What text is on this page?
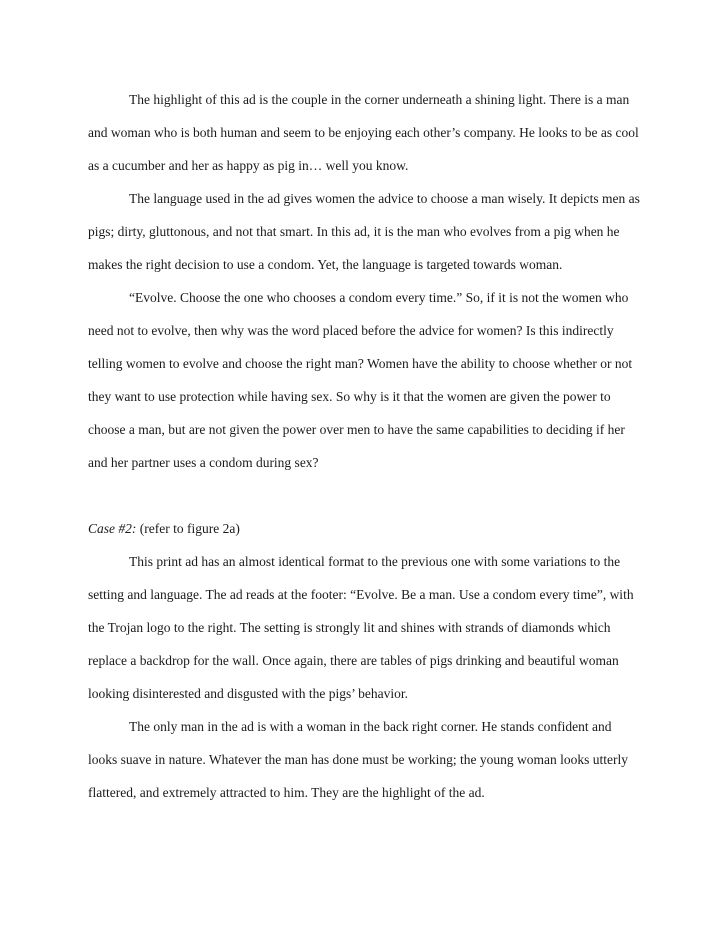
The highlight of this ad is the couple in the corner underneath a shining light. There is a man and woman who is both human and seem to be enjoying each other’s company. He looks to be as cool as a cucumber and her as happy as pig in… well you know.

The language used in the ad gives women the advice to choose a man wisely. It depicts men as pigs; dirty, gluttonous, and not that smart. In this ad, it is the man who evolves from a pig when he makes the right decision to use a condom. Yet, the language is targeted towards woman.

“Evolve. Choose the one who chooses a condom every time.” So, if it is not the women who need not to evolve, then why was the word placed before the advice for women? Is this indirectly telling women to evolve and choose the right man? Women have the ability to choose whether or not they want to use protection while having sex. So why is it that the women are given the power to choose a man, but are not given the power over men to have the same capabilities to deciding if her and her partner uses a condom during sex?

Case #2: (refer to figure 2a)

This print ad has an almost identical format to the previous one with some variations to the setting and language. The ad reads at the footer: “Evolve. Be a man. Use a condom every time”, with the Trojan logo to the right. The setting is strongly lit and shines with strands of diamonds which replace a backdrop for the wall. Once again, there are tables of pigs drinking and beautiful woman looking disinterested and disgusted with the pigs’ behavior.

The only man in the ad is with a woman in the back right corner. He stands confident and looks suave in nature. Whatever the man has done must be working; the young woman looks utterly flattered, and extremely attracted to him. They are the highlight of the ad.
